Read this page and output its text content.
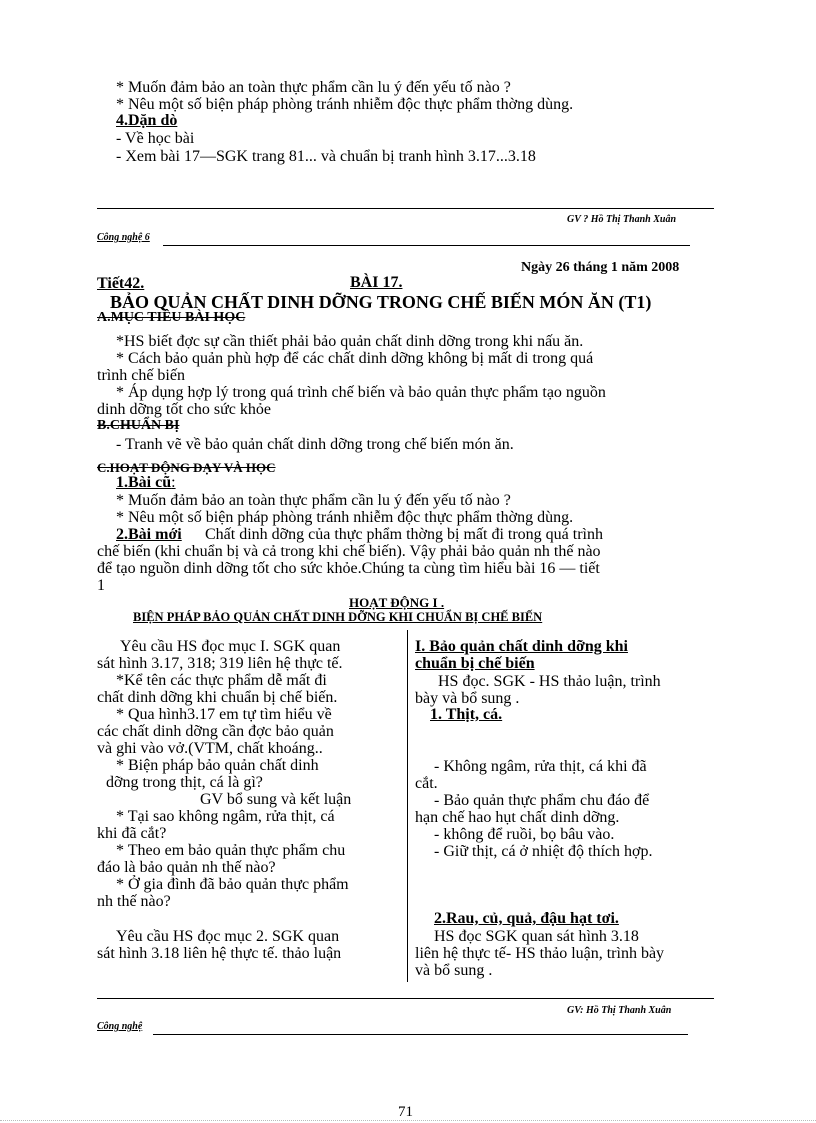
* Muốn đảm bảo an toàn thực phẩm cần lu ý đến yếu tố nào ?
* Nêu một số biện pháp phòng tránh nhiễm độc thực phẩm thờng dùng.
4.Dặn dò
- Về học bài
- Xem bài 17—SGK trang 81... và chuẩn bị tranh hình 3.17...3.18
GV ? Hồ Thị Thanh Xuân
Công nghệ 6
Ngày 26 tháng 1 năm 2008
Tiết42.	BÀI 17.
BẢO QUẢN CHẤT DINH DỠNG TRONG CHẾ BIẾN MÓN ĂN (T1)
A.MỤC TIÊU BÀI HỌC
*HS biết đợc sự cần thiết phải bảo quản chất dinh dỡng trong khi nấu ăn.
* Cách bảo quản phù hợp để các chất dinh dỡng không bị mất di trong quá
trình chế biến
* Áp dụng hợp lý trong quá trình chế biến và bảo quản thực phẩm tạo nguồn
dinh dỡng tốt cho sức khỏe
B.CHUẨN BỊ
- Tranh vẽ về bảo quản chất dinh dỡng trong chế biến món ăn.
C.HOẠT ĐỘNG DẠY VÀ HỌC
1.Bài cũ:
* Muốn đảm bảo an toàn thực phẩm cần lu ý đến yếu tố nào ?
* Nêu một số biện pháp phòng tránh nhiễm độc thực phẩm thờng dùng.
2.Bài mới Chất dinh dỡng của thực phẩm thờng bị mất đi trong quá trình
chế biến (khi chuẩn bị và cả trong khi chế biến). Vậy phải bảo quản nh thế nào
để tạo nguồn dinh dỡng tốt cho sức khỏe.Chúng ta cùng tìm hiểu bài 16 — tiết
1
HOẠT ĐỘNG I .
BIỆN PHÁP BẢO QUẢN CHẤT DINH DỠNG KHI CHUẨN BỊ CHẾ BIẾN
Yêu cầu HS đọc mục I. SGK quan
sát hình 3.17, 318; 319 liên hệ thực tế.
*Kể tên các thực phẩm dễ mất đi
chất dinh dỡng khi chuẩn bị chế biến.
* Qua hình3.17 em tự tìm hiểu về
các chất dinh dỡng cần đợc bảo quản
và ghi vào vở.(VTM, chất khoáng..
* Biện pháp bảo quản chất dinh
dỡng trong thịt, cá là gì?
GV bổ sung và kết luận
* Tại sao không ngâm, rửa thịt, cá
khi đã cắt?
* Theo em bảo quản thực phẩm chu
đáo là bảo quản nh thế nào?
* Ở gia đình đã bảo quản thực phẩm
nh thế nào?
Yêu cầu HS đọc mục 2. SGK quan
sát hình 3.18 liên hệ thực tế. thảo luận
I. Bảo quản chất dinh dỡng khi
chuẩn bị chế biến
HS đọc. SGK - HS thảo luận, trình
bày và bổ sung .
1. Thịt, cá.
- Không ngâm, rửa thịt, cá khi đã
cắt.
- Bảo quản thực phẩm chu đáo để
hạn chế hao hụt chất dinh dỡng.
- không để ruồi, bọ bâu vào.
- Giữ thịt, cá ở nhiệt độ thích hợp.
2.Rau, củ, quả, đậu hạt tơi.
HS đọc SGK quan sát hình 3.18
liên hệ thực tế- HS thảo luận, trình bày
và bổ sung .
GV: Hồ Thị Thanh Xuân
Công nghệ
71
